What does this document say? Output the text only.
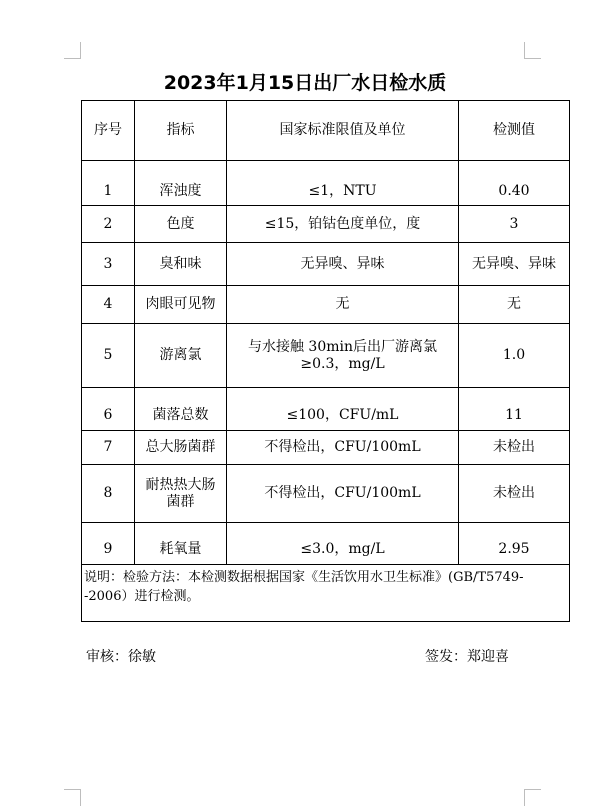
2023年1月15日出厂水日检水质
序号	指标	国家标准限值及单位	检测值
1	浑浊度	≤1，NTU	0.40
2	色度	≤15，铂钴色度单位，度	3
3	臭和味	无异嗅、异味	无异嗅、异味
4	肉眼可见物	无	无
5	游离氯	与水接触 30min后出厂游离氯≥0.3，mg/L	1.0
6	菌落总数	≤100，CFU/mL	11
7	总大肠菌群	不得检出，CFU/100mL	未检出
8	耐热热大肠菌群	不得检出，CFU/100mL	未检出
9	耗氧量	≤3.0，mg/L	2.95
说明：检验方法：本检测数据根据国家《生活饮用水卫生标准》(GB/T5749--2006）进行检测。			
审核：徐敏	签发：郑迎喜
